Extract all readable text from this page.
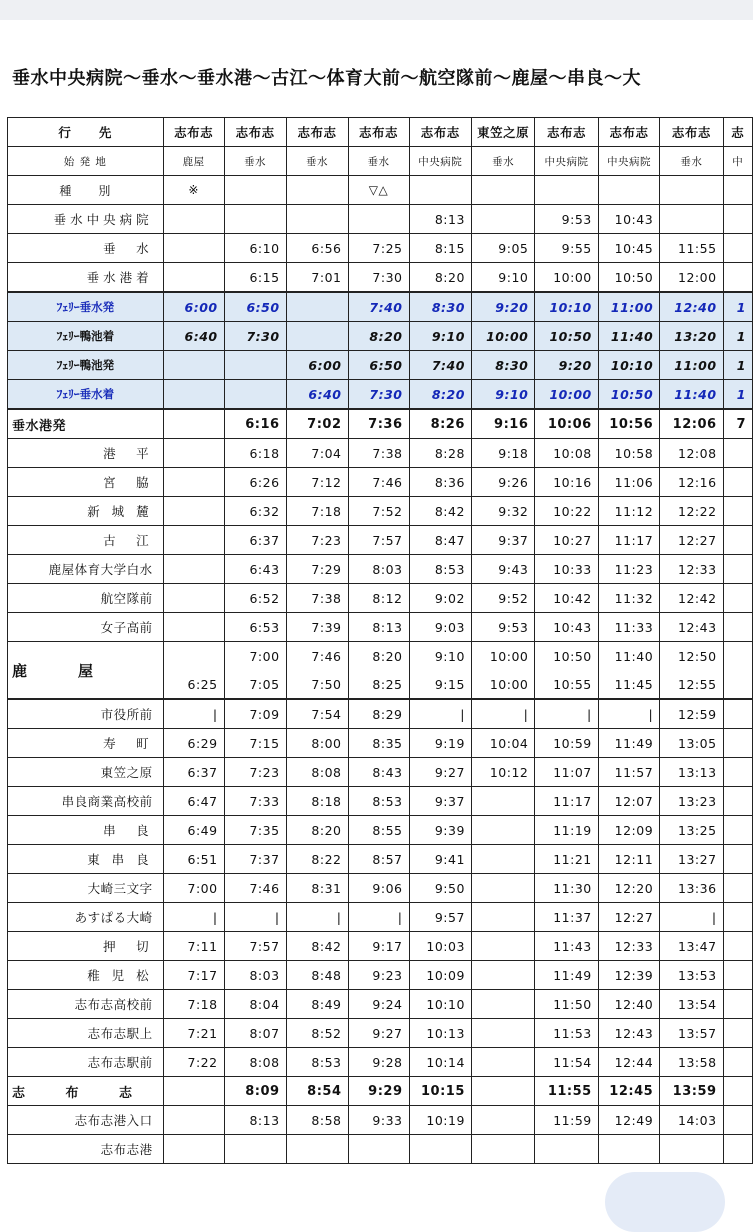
垂水中央病院～垂水～垂水港～古江～体育大前～航空隊前～鹿屋～串良～大
行　　先	志布志	志布志	志布志	志布志	志布志	東笠之原	志布志	志布志	志布志	志
始 発 地	鹿屋	垂水	垂水	垂水	中央病院	垂水	中央病院	中央病院	垂水	中
種　　別	※			▽△						
垂水中央病院					8:13		9:53	10:43		
垂　水		6:10	6:56	7:25	8:15	9:05	9:55	10:45	11:55	
垂水港着		6:15	7:01	7:30	8:20	9:10	10:00	10:50	12:00	
ﾌｪﾘｰ垂水発	6:00	6:50		7:40	8:30	9:20	10:10	11:00	12:40	1
ﾌｪﾘｰ鴨池着	6:40	7:30		8:20	9:10	10:00	10:50	11:40	13:20	1
ﾌｪﾘｰ鴨池発			6:00	6:50	7:40	8:30	9:20	10:10	11:00	1
ﾌｪﾘｰ垂水着			6:40	7:30	8:20	9:10	10:00	10:50	11:40	1
垂水港発		6:16	7:02	7:36	8:26	9:16	10:06	10:56	12:06	7
港　平		6:18	7:04	7:38	8:28	9:18	10:08	10:58	12:08	
宮　脇		6:26	7:12	7:46	8:36	9:26	10:16	11:06	12:16	
新 城 麓		6:32	7:18	7:52	8:42	9:32	10:22	11:12	12:22	
古　江		6:37	7:23	7:57	8:47	9:37	10:27	11:17	12:27	
鹿屋体育大学白水		6:43	7:29	8:03	8:53	9:43	10:33	11:23	12:33	
航空隊前		6:52	7:38	8:12	9:02	9:52	10:42	11:32	12:42	
女子高前		6:53	7:39	8:13	9:03	9:53	10:43	11:33	12:43	
鹿　屋		7:00	7:46	8:20	9:10	10:00	10:50	11:40	12:50	
	6:25	7:05	7:50	8:25	9:15	10:00	10:55	11:45	12:55	
市役所前	|	7:09	7:54	8:29	|	|	|	|	12:59	
寿　町	6:29	7:15	8:00	8:35	9:19	10:04	10:59	11:49	13:05	
東笠之原	6:37	7:23	8:08	8:43	9:27	10:12	11:07	11:57	13:13	
串良商業高校前	6:47	7:33	8:18	8:53	9:37		11:17	12:07	13:23	
串　良	6:49	7:35	8:20	8:55	9:39		11:19	12:09	13:25	
東 串 良	6:51	7:37	8:22	8:57	9:41		11:21	12:11	13:27	
大崎三文字	7:00	7:46	8:31	9:06	9:50		11:30	12:20	13:36	
あすぱる大崎	|	|	|	|	9:57		11:37	12:27	|	
押　切	7:11	7:57	8:42	9:17	10:03		11:43	12:33	13:47	
稚 児 松	7:17	8:03	8:48	9:23	10:09		11:49	12:39	13:53	
志布志高校前	7:18	8:04	8:49	9:24	10:10		11:50	12:40	13:54	
志布志駅上	7:21	8:07	8:52	9:27	10:13		11:53	12:43	13:57	
志布志駅前	7:22	8:08	8:53	9:28	10:14		11:54	12:44	13:58	
志 布 志		8:09	8:54	9:29	10:15		11:55	12:45	13:59	
志布志港入口		8:13	8:58	9:33	10:19		11:59	12:49	14:03	
志布志港										
